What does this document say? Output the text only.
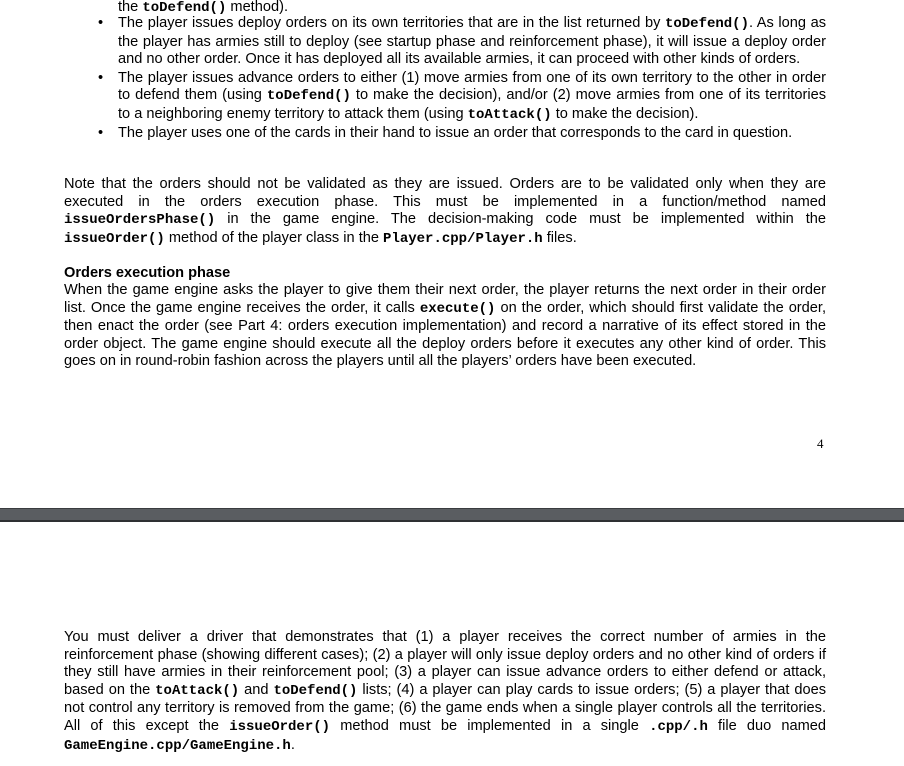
the toDefend() method).
• The player issues deploy orders on its own territories that are in the list returned by toDefend(). As long as the player has armies still to deploy (see startup phase and reinforcement phase), it will issue a deploy order and no other order. Once it has deployed all its available armies, it can proceed with other kinds of orders.
• The player issues advance orders to either (1) move armies from one of its own territory to the other in order to defend them (using toDefend() to make the decision), and/or (2) move armies from one of its territories to a neighboring enemy territory to attack them (using toAttack() to make the decision).
• The player uses one of the cards in their hand to issue an order that corresponds to the card in question.

Note that the orders should not be validated as they are issued. Orders are to be validated only when they are executed in the orders execution phase. This must be implemented in a function/method named issueOrdersPhase() in the game engine. The decision-making code must be implemented within the issueOrder() method of the player class in the Player.cpp/Player.h files.

Orders execution phase

When the game engine asks the player to give them their next order, the player returns the next order in their order list. Once the game engine receives the order, it calls execute() on the order, which should first validate the order, then enact the order (see Part 4: orders execution implementation) and record a narrative of its effect stored in the order object. The game engine should execute all the deploy orders before it executes any other kind of order. This goes on in round-robin fashion across the players until all the players’ orders have been executed.

4

You must deliver a driver that demonstrates that (1) a player receives the correct number of armies in the reinforcement phase (showing different cases); (2) a player will only issue deploy orders and no other kind of orders if they still have armies in their reinforcement pool; (3) a player can issue advance orders to either defend or attack, based on the toAttack() and toDefend() lists; (4) a player can play cards to issue orders; (5) a player that does not control any territory is removed from the game; (6) the game ends when a single player controls all the territories. All of this except the issueOrder() method must be implemented in a single .cpp/.h file duo named GameEngine.cpp/GameEngine.h.
